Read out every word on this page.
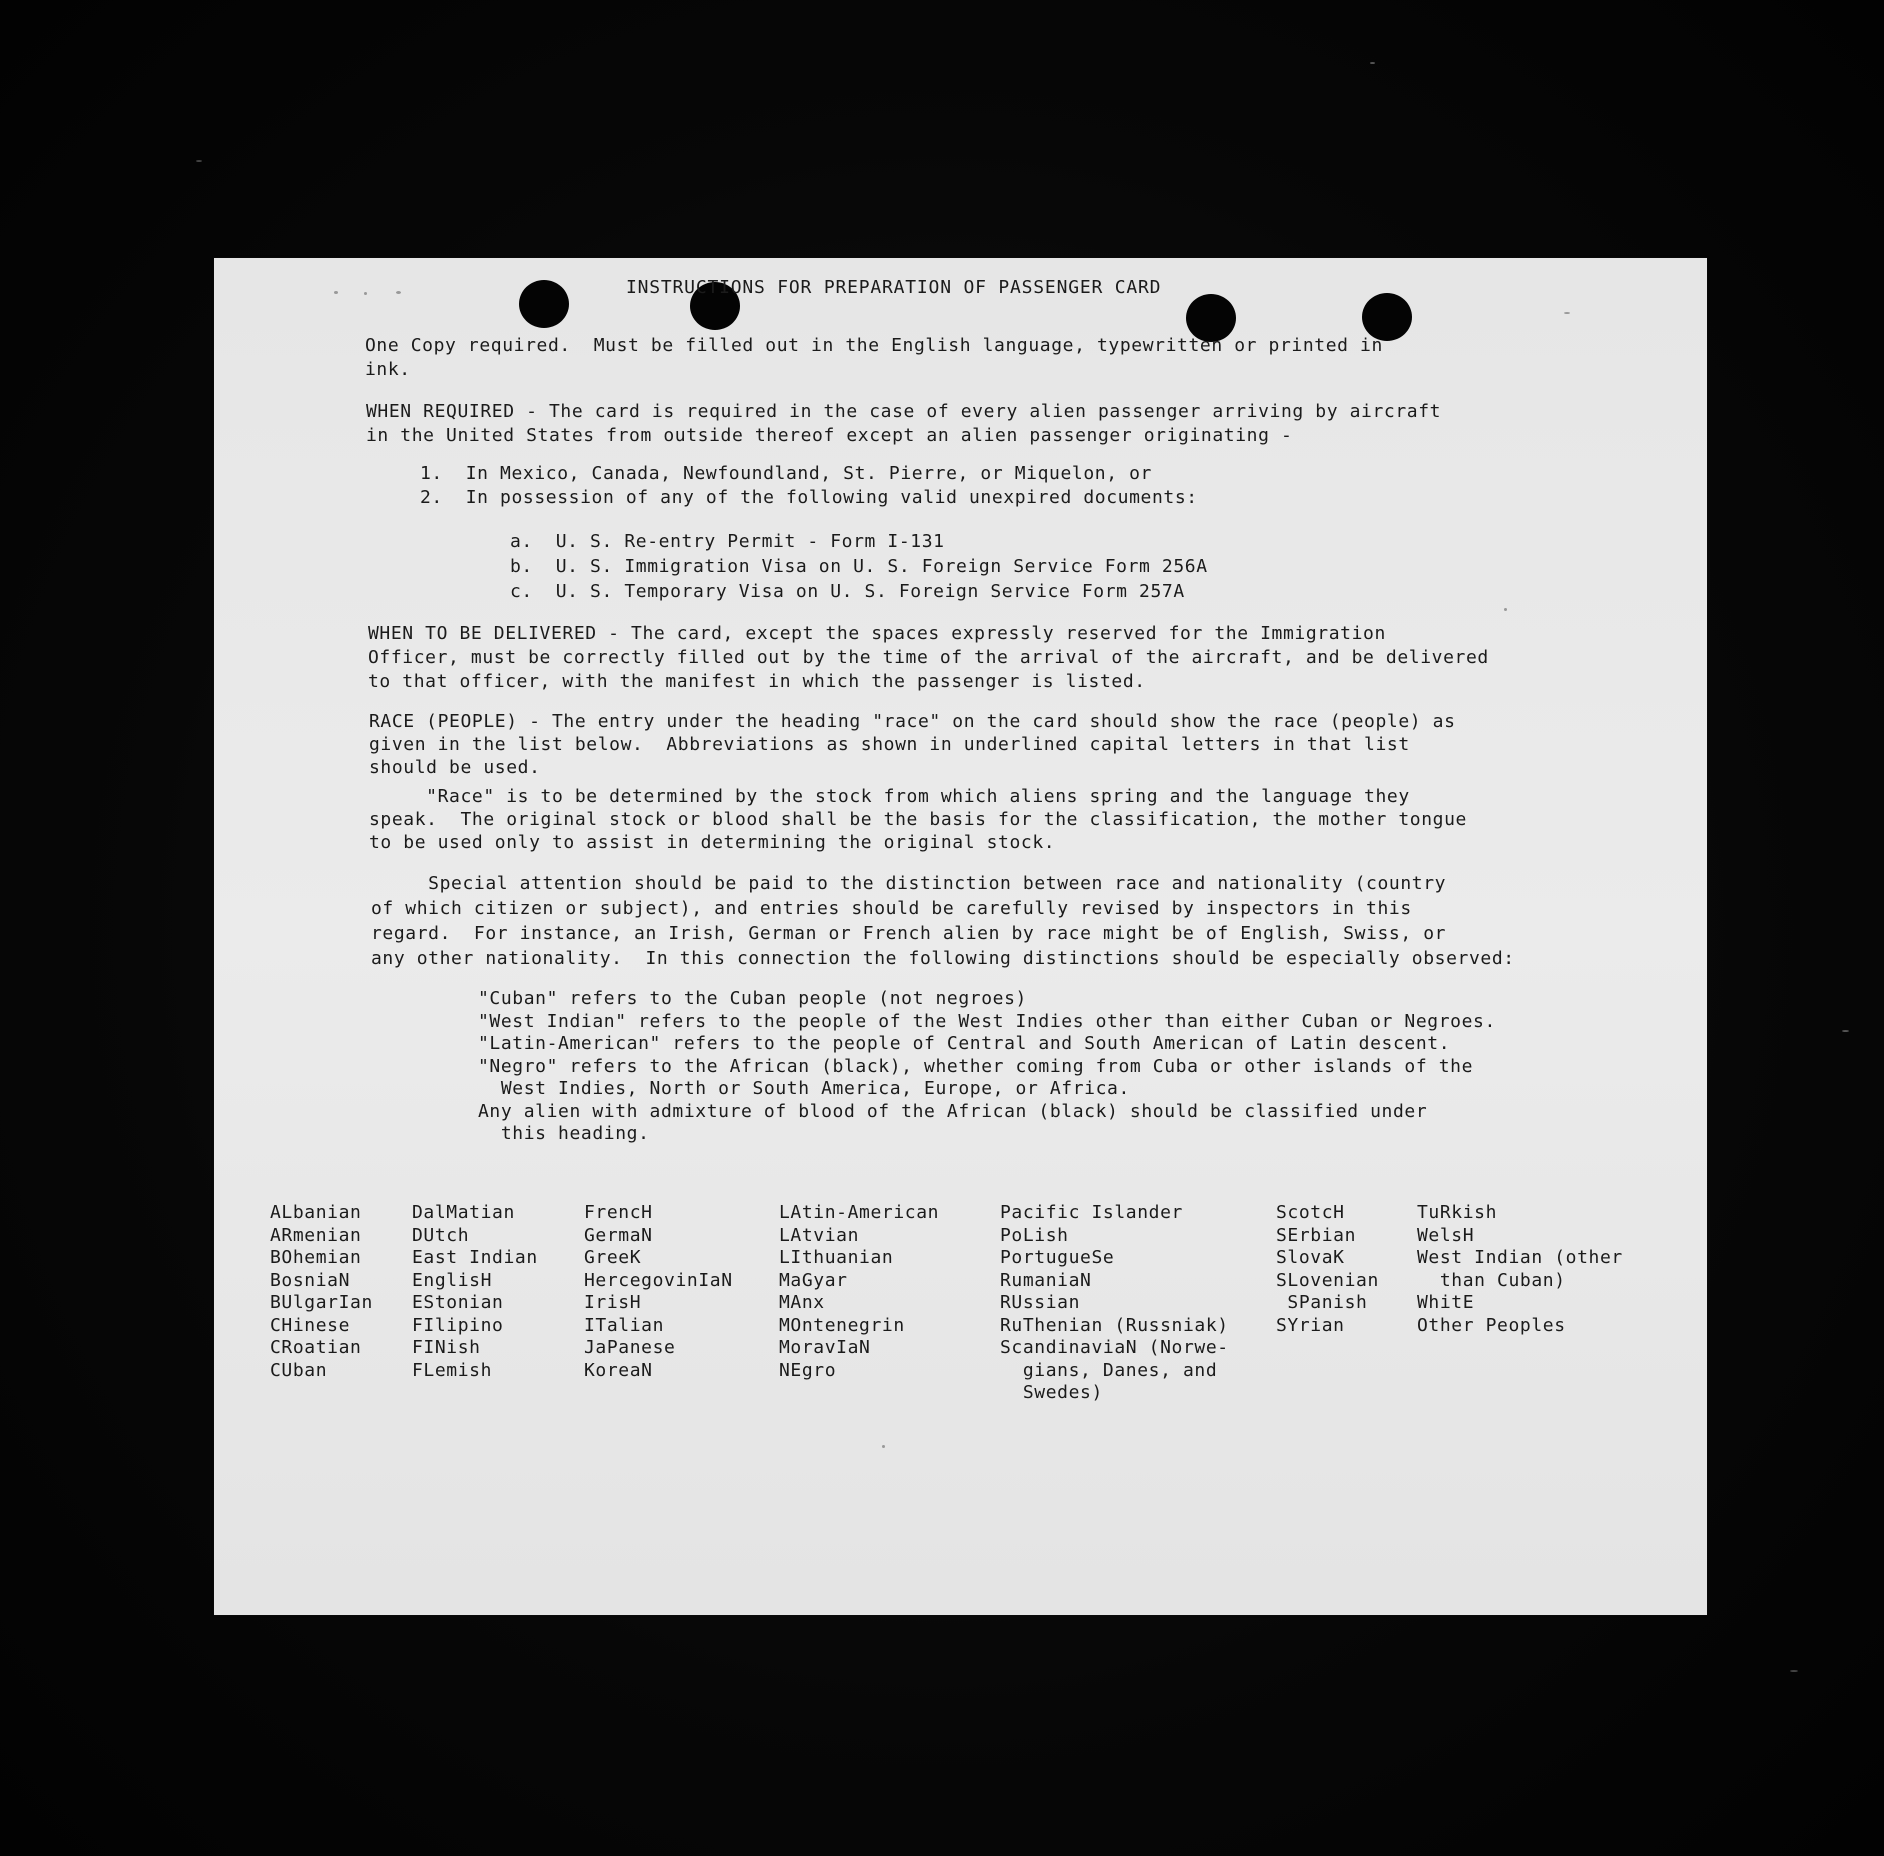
INSTRUCTIONS FOR PREPARATION OF PASSENGER CARD
One Copy required.  Must be filled out in the English language, typewritten or printed in
ink.
WHEN REQUIRED - The card is required in the case of every alien passenger arriving by aircraft
in the United States from outside thereof except an alien passenger originating -
1.  In Mexico, Canada, Newfoundland, St. Pierre, or Miquelon, or
2.  In possession of any of the following valid unexpired documents:
a.  U. S. Re-entry Permit - Form I-131
b.  U. S. Immigration Visa on U. S. Foreign Service Form 256A
c.  U. S. Temporary Visa on U. S. Foreign Service Form 257A
WHEN TO BE DELIVERED - The card, except the spaces expressly reserved for the Immigration
Officer, must be correctly filled out by the time of the arrival of the aircraft, and be delivered
to that officer, with the manifest in which the passenger is listed.
RACE (PEOPLE) - The entry under the heading "race" on the card should show the race (people) as
given in the list below.  Abbreviations as shown in underlined capital letters in that list
should be used.
"Race" is to be determined by the stock from which aliens spring and the language they
speak.  The original stock or blood shall be the basis for the classification, the mother tongue
to be used only to assist in determining the original stock.
Special attention should be paid to the distinction between race and nationality (country
of which citizen or subject), and entries should be carefully revised by inspectors in this
regard.  For instance, an Irish, German or French alien by race might be of English, Swiss, or
any other nationality.  In this connection the following distinctions should be especially observed:
"Cuban" refers to the Cuban people (not negroes)
"West Indian" refers to the people of the West Indies other than either Cuban or Negroes.
"Latin-American" refers to the people of Central and South American of Latin descent.
"Negro" refers to the African (black), whether coming from Cuba or other islands of the
West Indies, North or South America, Europe, or Africa.
Any alien with admixture of blood of the African (black) should be classified under
this heading.
ALbanian
ARmenian
BOhemian
BosniaN
BUlgarIan
CHinese
CRoatian
CUban
DalMatian
DUtch
East Indian
EnglisH
EStonian
FIlipino
FINish
FLemish
FrencH
GermaN
GreeK
HercegovinIaN
IrisH
ITalian
JaPanese
KoreaN
LAtin-American
LAtvian
LIthuanian
MaGyar
MAnx
MOntenegrin
MoravIaN
NEgro
Pacific Islander
PoLish
PortugueSe
RumaniaN
RUssian
RuThenian (Russniak)
ScandinaviaN (Norwe-
gians, Danes, and
Swedes)
ScotcH
SErbian
SlovaK
SLovenian
SPanish
SYrian
TuRkish
WelsH
West Indian (other
than Cuban)
WhitE
Other Peoples
